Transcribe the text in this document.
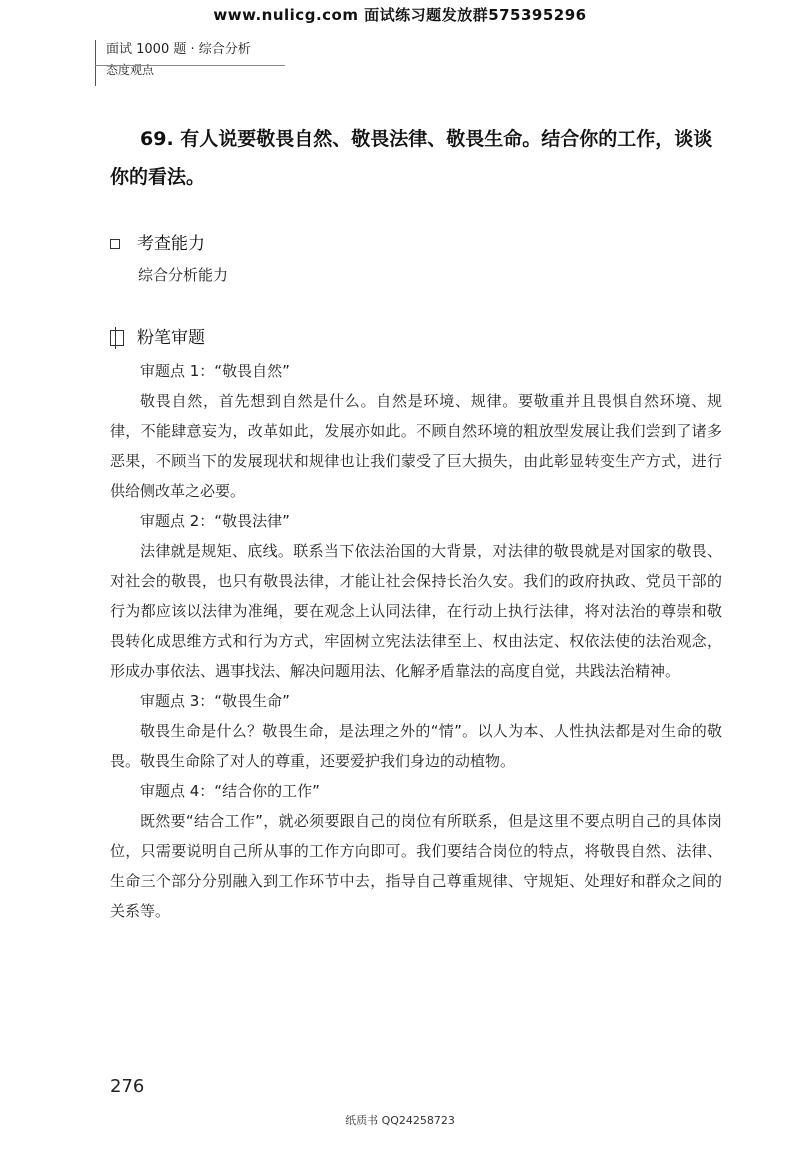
www.nulicg.com 面试练习题发放群575395296
面试 1000 题 · 综合分析
态度观点
69. 有人说要敬畏自然、敬畏法律、敬畏生命。结合你的工作，谈谈你的看法。
考查能力
综合分析能力
粉笔审题
审题点 1：“敬畏自然”

敬畏自然，首先想到自然是什么。自然是环境、规律。要敬重并且畏惧自然环境、规律，不能肆意妄为，改革如此，发展亦如此。不顾自然环境的粗放型发展让我们尝到了诸多恶果，不顾当下的发展现状和规律也让我们蒙受了巨大损失，由此彰显转变生产方式，进行供给侧改革之必要。

审题点 2：“敬畏法律”

法律就是规矩、底线。联系当下依法治国的大背景，对法律的敬畏就是对国家的敬畏、对社会的敬畏，也只有敬畏法律，才能让社会保持长治久安。我们的政府执政、党员干部的行为都应该以法律为准绳，要在观念上认同法律，在行动上执行法律，将对法治的尊崇和敬畏转化成思维方式和行为方式，牢固树立宪法法律至上、权由法定、权依法使的法治观念，形成办事依法、遇事找法、解决问题用法、化解矛盾靠法的高度自觉，共践法治精神。

审题点 3：“敬畏生命”

敬畏生命是什么？敬畏生命，是法理之外的“情”。以人为本、人性执法都是对生命的敬畏。敬畏生命除了对人的尊重，还要爱护我们身边的动植物。

审题点 4：“结合你的工作”

既然要“结合工作”，就必须要跟自己的岗位有所联系，但是这里不要点明自己的具体岗位，只需要说明自己所从事的工作方向即可。我们要结合岗位的特点，将敬畏自然、法律、生命三个部分分别融入到工作环节中去，指导自己尊重规律、守规矩、处理好和群众之间的关系等。

276
纸质书 QQ24258723
